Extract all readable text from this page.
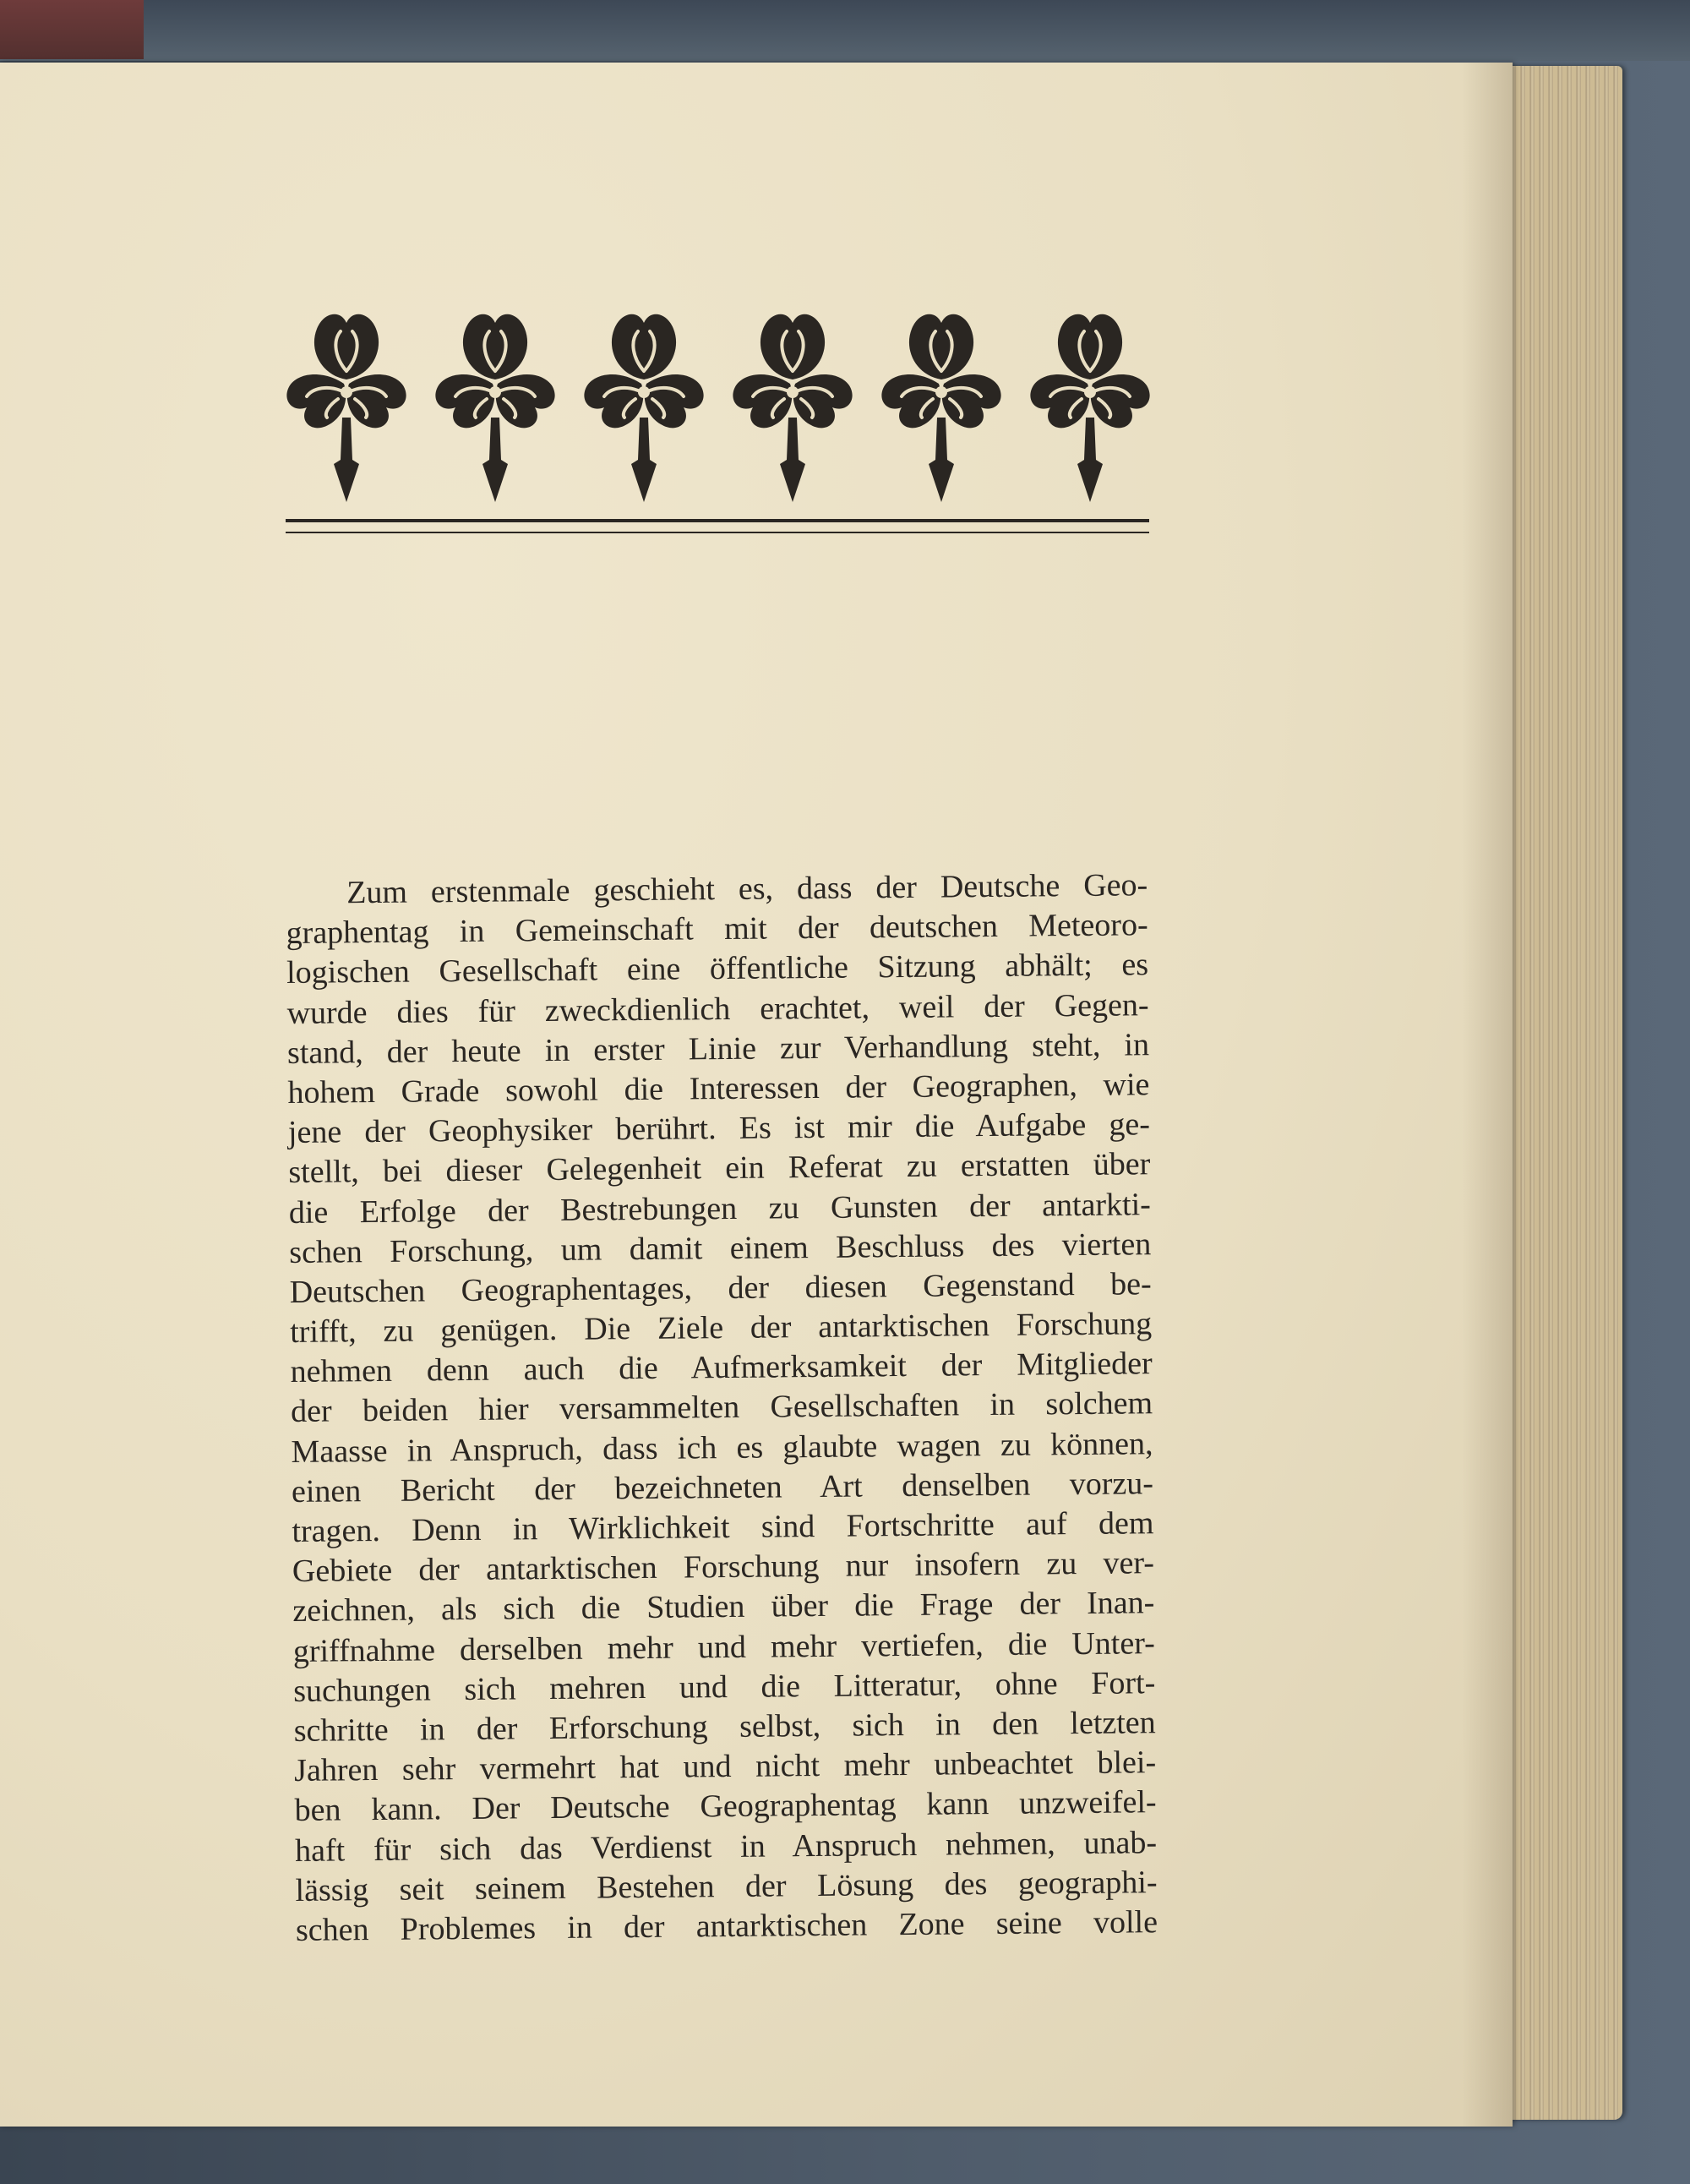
Zum erstenmale geschieht es, dass der Deutsche Geo-
graphentag in Gemeinschaft mit der deutschen Meteoro-
logischen Gesellschaft eine öffentliche Sitzung abhält; es
wurde dies für zweckdienlich erachtet, weil der Gegen-
stand, der heute in erster Linie zur Verhandlung steht, in
hohem Grade sowohl die Interessen der Geographen, wie
jene der Geophysiker berührt. Es ist mir die Aufgabe ge-
stellt, bei dieser Gelegenheit ein Referat zu erstatten über
die Erfolge der Bestrebungen zu Gunsten der antarkti-
schen Forschung, um damit einem Beschluss des vierten
Deutschen Geographentages, der diesen Gegenstand be-
trifft, zu genügen. Die Ziele der antarktischen Forschung
nehmen denn auch die Aufmerksamkeit der Mitglieder
der beiden hier versammelten Gesellschaften in solchem
Maasse in Anspruch, dass ich es glaubte wagen zu können,
einen Bericht der bezeichneten Art denselben vorzu-
tragen. Denn in Wirklichkeit sind Fortschritte auf dem
Gebiete der antarktischen Forschung nur insofern zu ver-
zeichnen, als sich die Studien über die Frage der Inan-
griffnahme derselben mehr und mehr vertiefen, die Unter-
suchungen sich mehren und die Litteratur, ohne Fort-
schritte in der Erforschung selbst, sich in den letzten
Jahren sehr vermehrt hat und nicht mehr unbeachtet blei-
ben kann. Der Deutsche Geographentag kann unzweifel-
haft für sich das Verdienst in Anspruch nehmen, unab-
lässig seit seinem Bestehen der Lösung des geographi-
schen Problemes in der antarktischen Zone seine volle
